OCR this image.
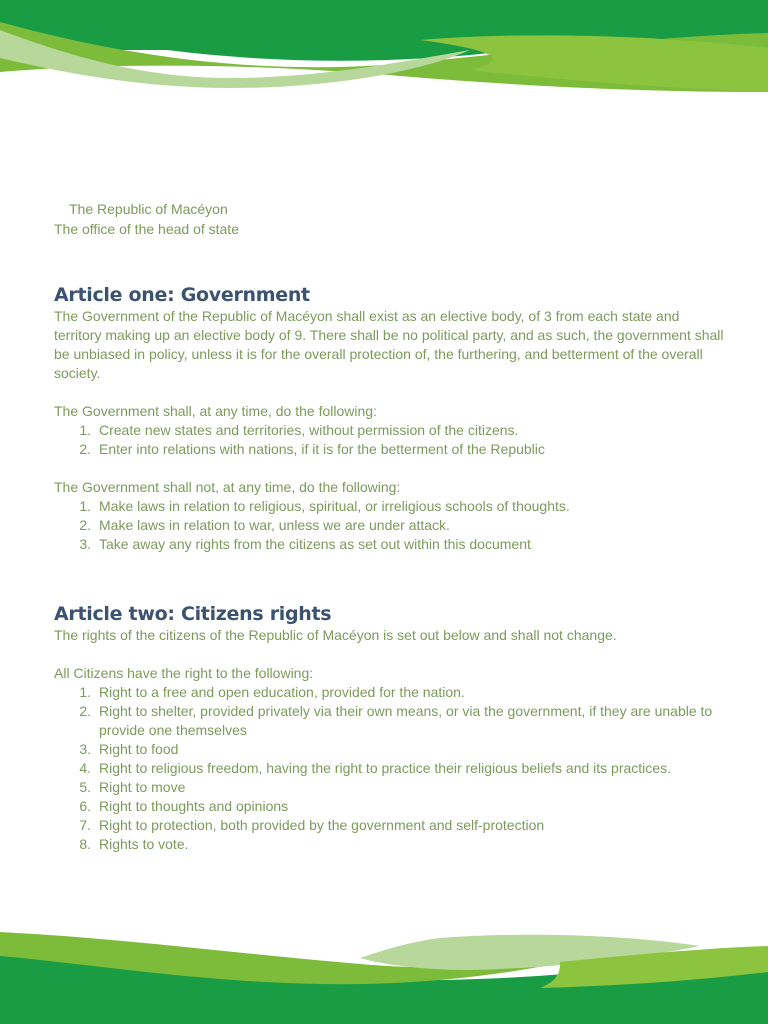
The Republic of Macéyon
The office of the head of state
Article one: Government

The Government of the Republic of Macéyon shall exist as an elective body, of 3 from each state and territory making up an elective body of 9. There shall be no political party, and as such, the government shall be unbiased in policy, unless it is for the overall protection of, the furthering, and betterment of the overall society.

The Government shall, at any time, do the following:

1. Create new states and territories, without permission of the citizens.
2. Enter into relations with nations, if it is for the betterment of the Republic

The Government shall not, at any time, do the following:

1. Make laws in relation to religious, spiritual, or irreligious schools of thoughts.
2. Make laws in relation to war, unless we are under attack.
3. Take away any rights from the citizens as set out within this document
Article two: Citizens rights

The rights of the citizens of the Republic of Macéyon is set out below and shall not change.

All Citizens have the right to the following:

1. Right to a free and open education, provided for the nation.
2. Right to shelter, provided privately via their own means, or via the government, if they are unable to provide one themselves
3. Right to food
4. Right to religious freedom, having the right to practice their religious beliefs and its practices.
5. Right to move
6. Right to thoughts and opinions
7. Right to protection, both provided by the government and self-protection
8. Rights to vote.
